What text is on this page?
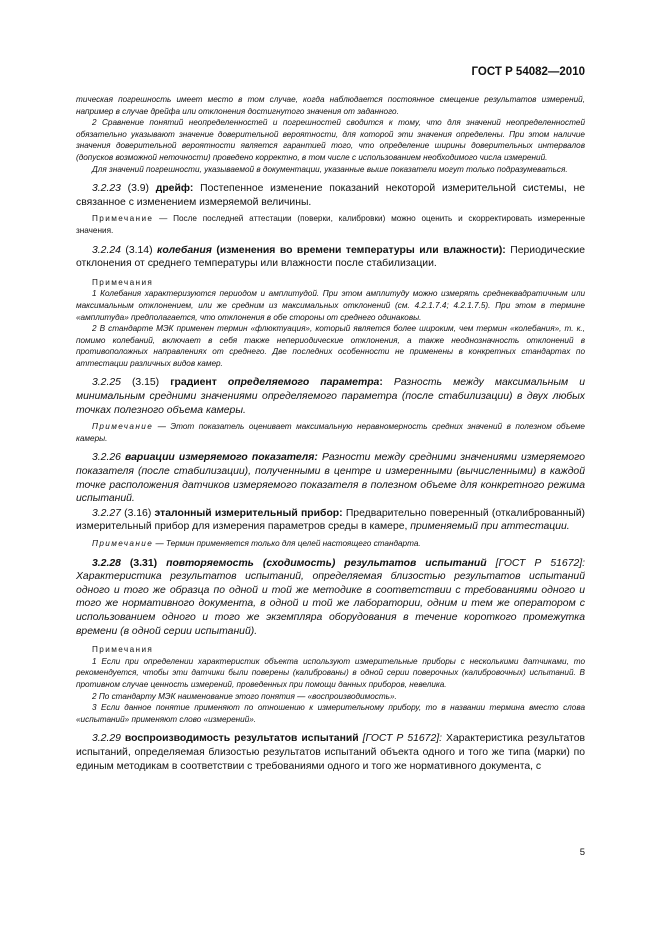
ГОСТ Р 54082—2010

тическая погрешность имеет место в том случае, когда наблюдается постоянное смещение результатов измерений, например в случае дрейфа или отклонения достигнутого значения от заданного.

2 Сравнение понятий неопределенностей и погрешностей сводится к тому, что для значений неопределенностей обязательно указывают значение доверительной вероятности, для которой эти значения определены. При этом наличие значения доверительной вероятности является гарантией того, что определение ширины доверительных интервалов (допусков возможной неточности) проведено корректно, в том числе с использованием необходимого числа измерений.

Для значений погрешности, указываемой в документации, указанные выше показатели могут только подразумеваться.

3.2.23 (3.9) дрейф: Постепенное изменение показаний некоторой измерительной системы, не связанное с изменением измеряемой величины.

Примечание — После последней аттестации (поверки, калибровки) можно оценить и скорректировать измеренные значения.

3.2.24 (3.14) колебания (изменения во времени температуры или влажности): Периодические отклонения от среднего температуры или влажности после стабилизации.

Примечания

1 Колебания характеризуются периодом и амплитудой. При этом амплитуду можно измерять среднеквадратичным или максимальным отклонением, или же средним из максимальных отклонений (см. 4.2.1.7.4; 4.2.1.7.5). При этом в термине «амплитуда» предполагается, что отклонения в обе стороны от среднего одинаковы.

2 В стандарте МЭК применен термин «флюктуация», который является более широким, чем термин «колебания», т. к., помимо колебаний, включает в себя также непериодические отклонения, а также неоднозначность отклонений в противоположных направлениях от среднего. Две последних особенности не применены в конкретных стандартах по аттестации различных видов камер.

3.2.25 (3.15) градиент определяемого параметра: Разность между максимальным и минимальным средними значениями определяемого параметра (после стабилизации) в двух любых точках полезного объема камеры.

Примечание — Этот показатель оценивает максимальную неравномерность средних значений в полезном объеме камеры.

3.2.26 вариации измеряемого показателя: Разности между средними значениями измеряемого показателя (после стабилизации), полученными в центре и измеренными (вычисленными) в каждой точке расположения датчиков измеряемого показателя в полезном объеме для конкретного режима испытаний.

3.2.27 (3.16) эталонный измерительный прибор: Предварительно поверенный (откалиброванный) измерительный прибор для измерения параметров среды в камере, применяемый при аттестации.

Примечание — Термин применяется только для целей настоящего стандарта.

3.2.28 (3.31) повторяемость (сходимость) результатов испытаний [ГОСТ Р 51672]: Характеристика результатов испытаний, определяемая близостью результатов испытаний одного и того же образца по одной и той же методике в соответствии с требованиями одного и того же нормативного документа, в одной и той же лаборатории, одним и тем же оператором с использованием одного и того же экземпляра оборудования в течение короткого промежутка времени (в одной серии испытаний).

Примечания

1 Если при определении характеристик объекта используют измерительные приборы с несколькими датчиками, то рекомендуется, чтобы эти датчики были поверены (калиброваны) в одной серии поверочных (калибровочных) испытаний. В противном случае ценность измерений, проведенных при помощи данных приборов, невелика.

2 По стандарту МЭК наименование этого понятия — «воспроизводимость».

3 Если данное понятие применяют по отношению к измерительному прибору, то в названии термина вместо слова «испытаний» применяют слово «измерений».

3.2.29 воспроизводимость результатов испытаний [ГОСТ Р 51672]: Характеристика результатов испытаний, определяемая близостью результатов испытаний объекта одного и того же типа (марки) по единым методикам в соответствии с требованиями одного и того же нормативного документа, с

5
